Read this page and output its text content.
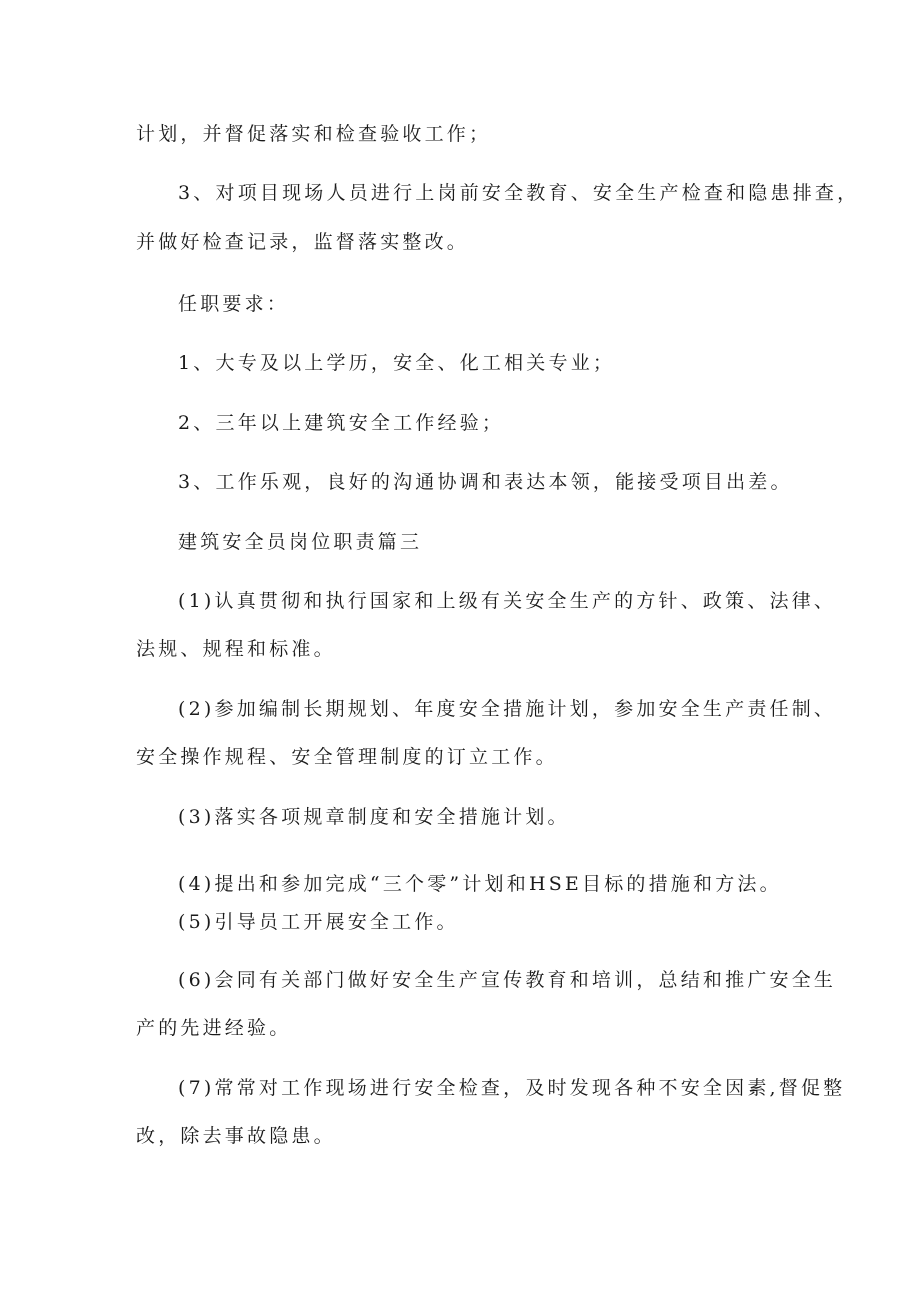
计划，并督促落实和检查验收工作；
3、对项目现场人员进行上岗前安全教育、安全生产检查和隐患排查，
并做好检查记录，监督落实整改。
任职要求：
1、大专及以上学历，安全、化工相关专业；
2、三年以上建筑安全工作经验；
3、工作乐观，良好的沟通协调和表达本领，能接受项目出差。
建筑安全员岗位职责篇三
(1)认真贯彻和执行国家和上级有关安全生产的方针、政策、法律、
法规、规程和标准。
(2)参加编制长期规划、年度安全措施计划，参加安全生产责任制、
安全操作规程、安全管理制度的订立工作。
(3)落实各项规章制度和安全措施计划。
(4)提出和参加完成“三个零”计划和HSE目标的措施和方法。
(5)引导员工开展安全工作。
(6)会同有关部门做好安全生产宣传教育和培训，总结和推广安全生
产的先进经验。
(7)常常对工作现场进行安全检查，及时发现各种不安全因素,督促整
改，除去事故隐患。
